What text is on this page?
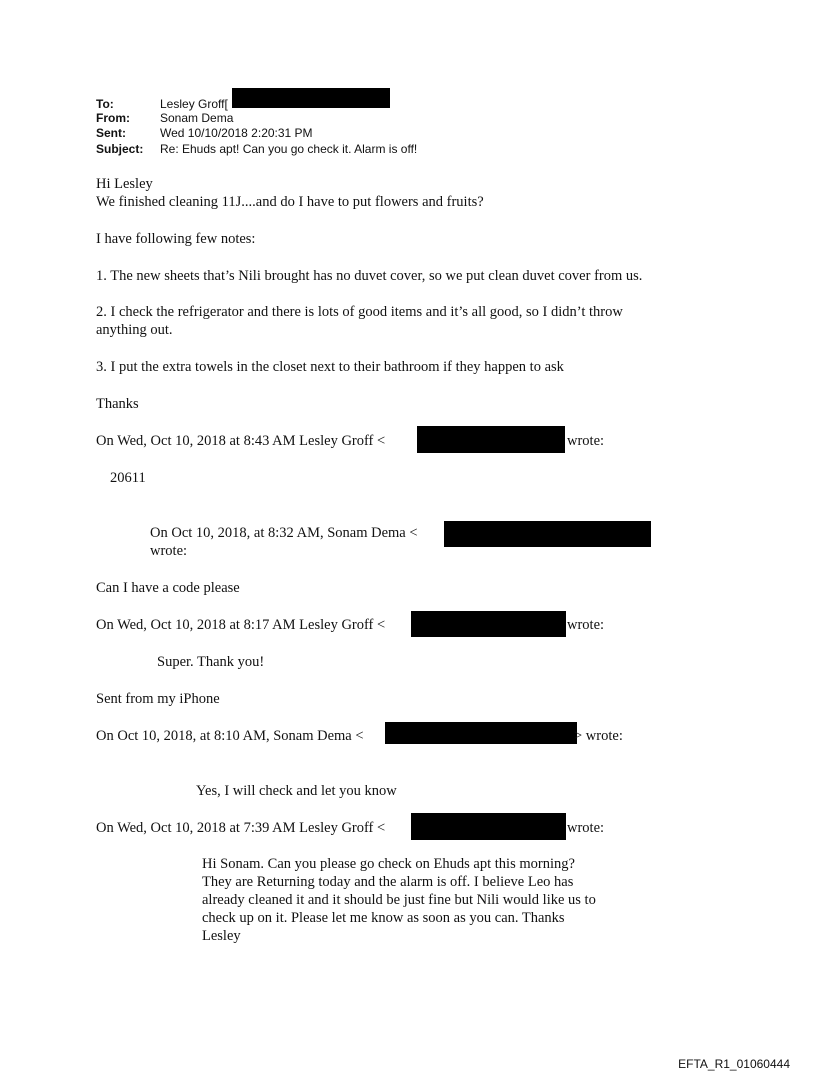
To:	Lesley Groff[
From:	Sonam Dema
Sent:	Wed 10/10/2018 2:20:31 PM
Subject: Re: Ehuds apt! Can you go check it. Alarm is off!
Hi Lesley
We finished cleaning 11J....and do I have to put flowers and fruits?
I have following few notes:
1. The new sheets that’s Nili brought has no duvet cover, so we put clean duvet cover from us.
2. I check the refrigerator and there is lots of good items and it’s all good, so I didn’t throw
anything out.
3. I put the extra towels in the closet next to their bathroom if they happen to ask
Thanks
On Wed, Oct 10, 2018 at 8:43 AM Lesley Groff <	wrote:
20611
On Oct 10, 2018, at 8:32 AM, Sonam Dema <
wrote:
Can I have a code please
On Wed, Oct 10, 2018 at 8:17 AM Lesley Groff <	wrote:
Super. Thank you!
Sent from my iPhone
On Oct 10, 2018, at 8:10 AM, Sonam Dema <	> wrote:
Yes, I will check and let you know
On Wed, Oct 10, 2018 at 7:39 AM Lesley Groff <	wrote:
Hi Sonam. Can you please go check on Ehuds apt this morning?
They are Returning today and the alarm is off. I believe Leo has
already cleaned it and it should be just fine but Nili would like us to
check up on it. Please let me know as soon as you can. Thanks
Lesley
EFTA_R1_01060444
